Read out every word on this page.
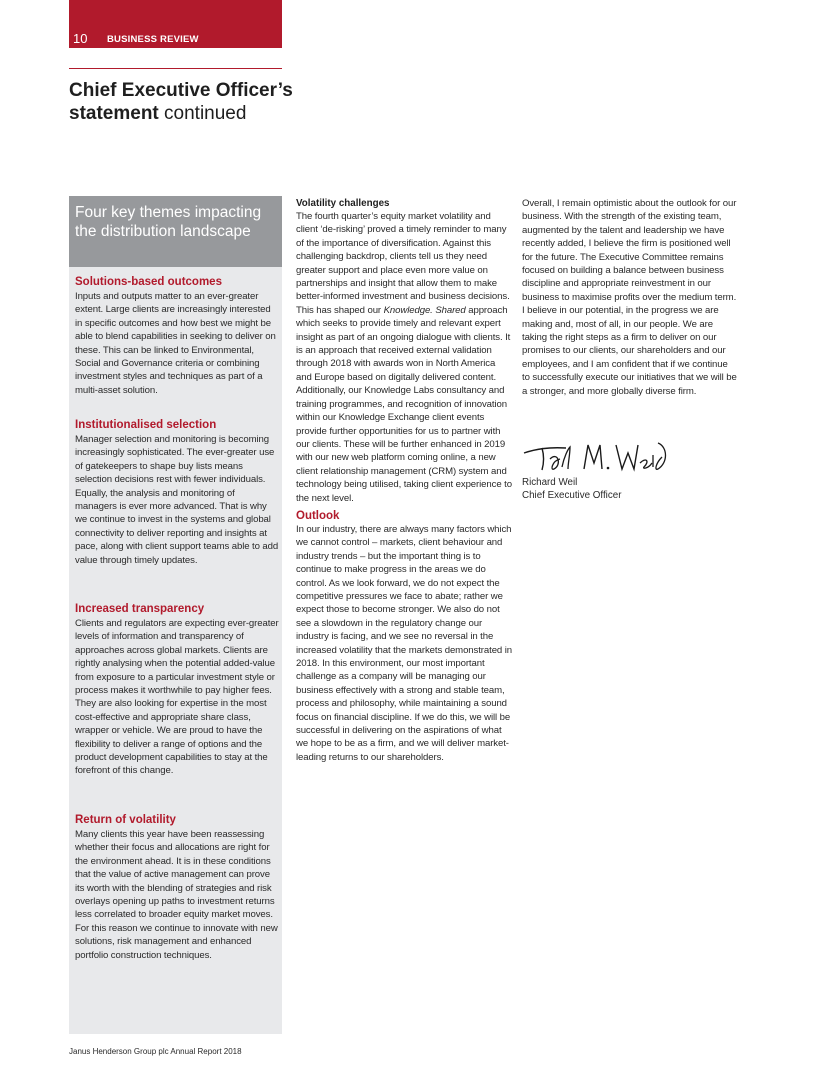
10 BUSINESS REVIEW
Chief Executive Officer’s
statement continued
Four key themes impacting the distribution landscape

Solutions-based outcomes

Inputs and outputs matter to an ever-greater extent. Large clients are increasingly interested in specific outcomes and how best we might be able to blend capabilities in seeking to deliver on these. This can be linked to Environmental, Social and Governance criteria or combining investment styles and techniques as part of a multi-asset solution.

Institutionalised selection

Manager selection and monitoring is becoming increasingly sophisticated. The ever-greater use of gatekeepers to shape buy lists means selection decisions rest with fewer individuals. Equally, the analysis and monitoring of managers is ever more advanced. That is why we continue to invest in the systems and global connectivity to deliver reporting and insights at pace, along with client support teams able to add value through timely updates.

Increased transparency

Clients and regulators are expecting ever-greater levels of information and transparency of approaches across global markets. Clients are rightly analysing when the potential added-value from exposure to a particular investment style or process makes it worthwhile to pay higher fees. They are also looking for expertise in the most cost-effective and appropriate share class, wrapper or vehicle. We are proud to have the flexibility to deliver a range of options and the product development capabilities to stay at the forefront of this change.

Return of volatility

Many clients this year have been reassessing whether their focus and allocations are right for the environment ahead. It is in these conditions that the value of active management can prove its worth with the blending of strategies and risk overlays opening up paths to investment returns less correlated to broader equity market moves. For this reason we continue to innovate with new solutions, risk management and enhanced portfolio construction techniques.

Volatility challenges

The fourth quarter’s equity market volatility and client ‘de-risking’ proved a timely reminder to many of the importance of diversification. Against this challenging backdrop, clients tell us they need greater support and place even more value on partnerships and insight that allow them to make better-informed investment and business decisions. This has shaped our Knowledge. Shared approach which seeks to provide timely and relevant expert insight as part of an ongoing dialogue with clients. It is an approach that received external validation through 2018 with awards won in North America and Europe based on digitally delivered content. Additionally, our Knowledge Labs consultancy and training programmes, and recognition of innovation within our Knowledge Exchange client events provide further opportunities for us to partner with our clients. These will be further enhanced in 2019 with our new web platform coming online, a new client relationship management (CRM) system and technology being utilised, taking client experience to the next level.

Outlook

In our industry, there are always many factors which we cannot control – markets, client behaviour and industry trends – but the important thing is to continue to make progress in the areas we do control. As we look forward, we do not expect the competitive pressures we face to abate; rather we expect those to become stronger. We also do not see a slowdown in the regulatory change our industry is facing, and we see no reversal in the increased volatility that the markets demonstrated in 2018. In this environment, our most important challenge as a company will be managing our business effectively with a strong and stable team, process and philosophy, while maintaining a sound focus on financial discipline. If we do this, we will be successful in delivering on the aspirations of what we hope to be as a firm, and we will deliver market-leading returns to our shareholders.

Overall, I remain optimistic about the outlook for our business. With the strength of the existing team, augmented by the talent and leadership we have recently added, I believe the firm is positioned well for the future. The Executive Committee remains focused on building a balance between business discipline and appropriate reinvestment in our business to maximise profits over the medium term.

I believe in our potential, in the progress we are making and, most of all, in our people. We are taking the right steps as a firm to deliver on our promises to our clients, our shareholders and our employees, and I am confident that if we continue to successfully execute our initiatives that we will be a stronger, and more globally diverse firm.

Richard Weil
Chief Executive Officer
Janus Henderson Group plc Annual Report 2018
